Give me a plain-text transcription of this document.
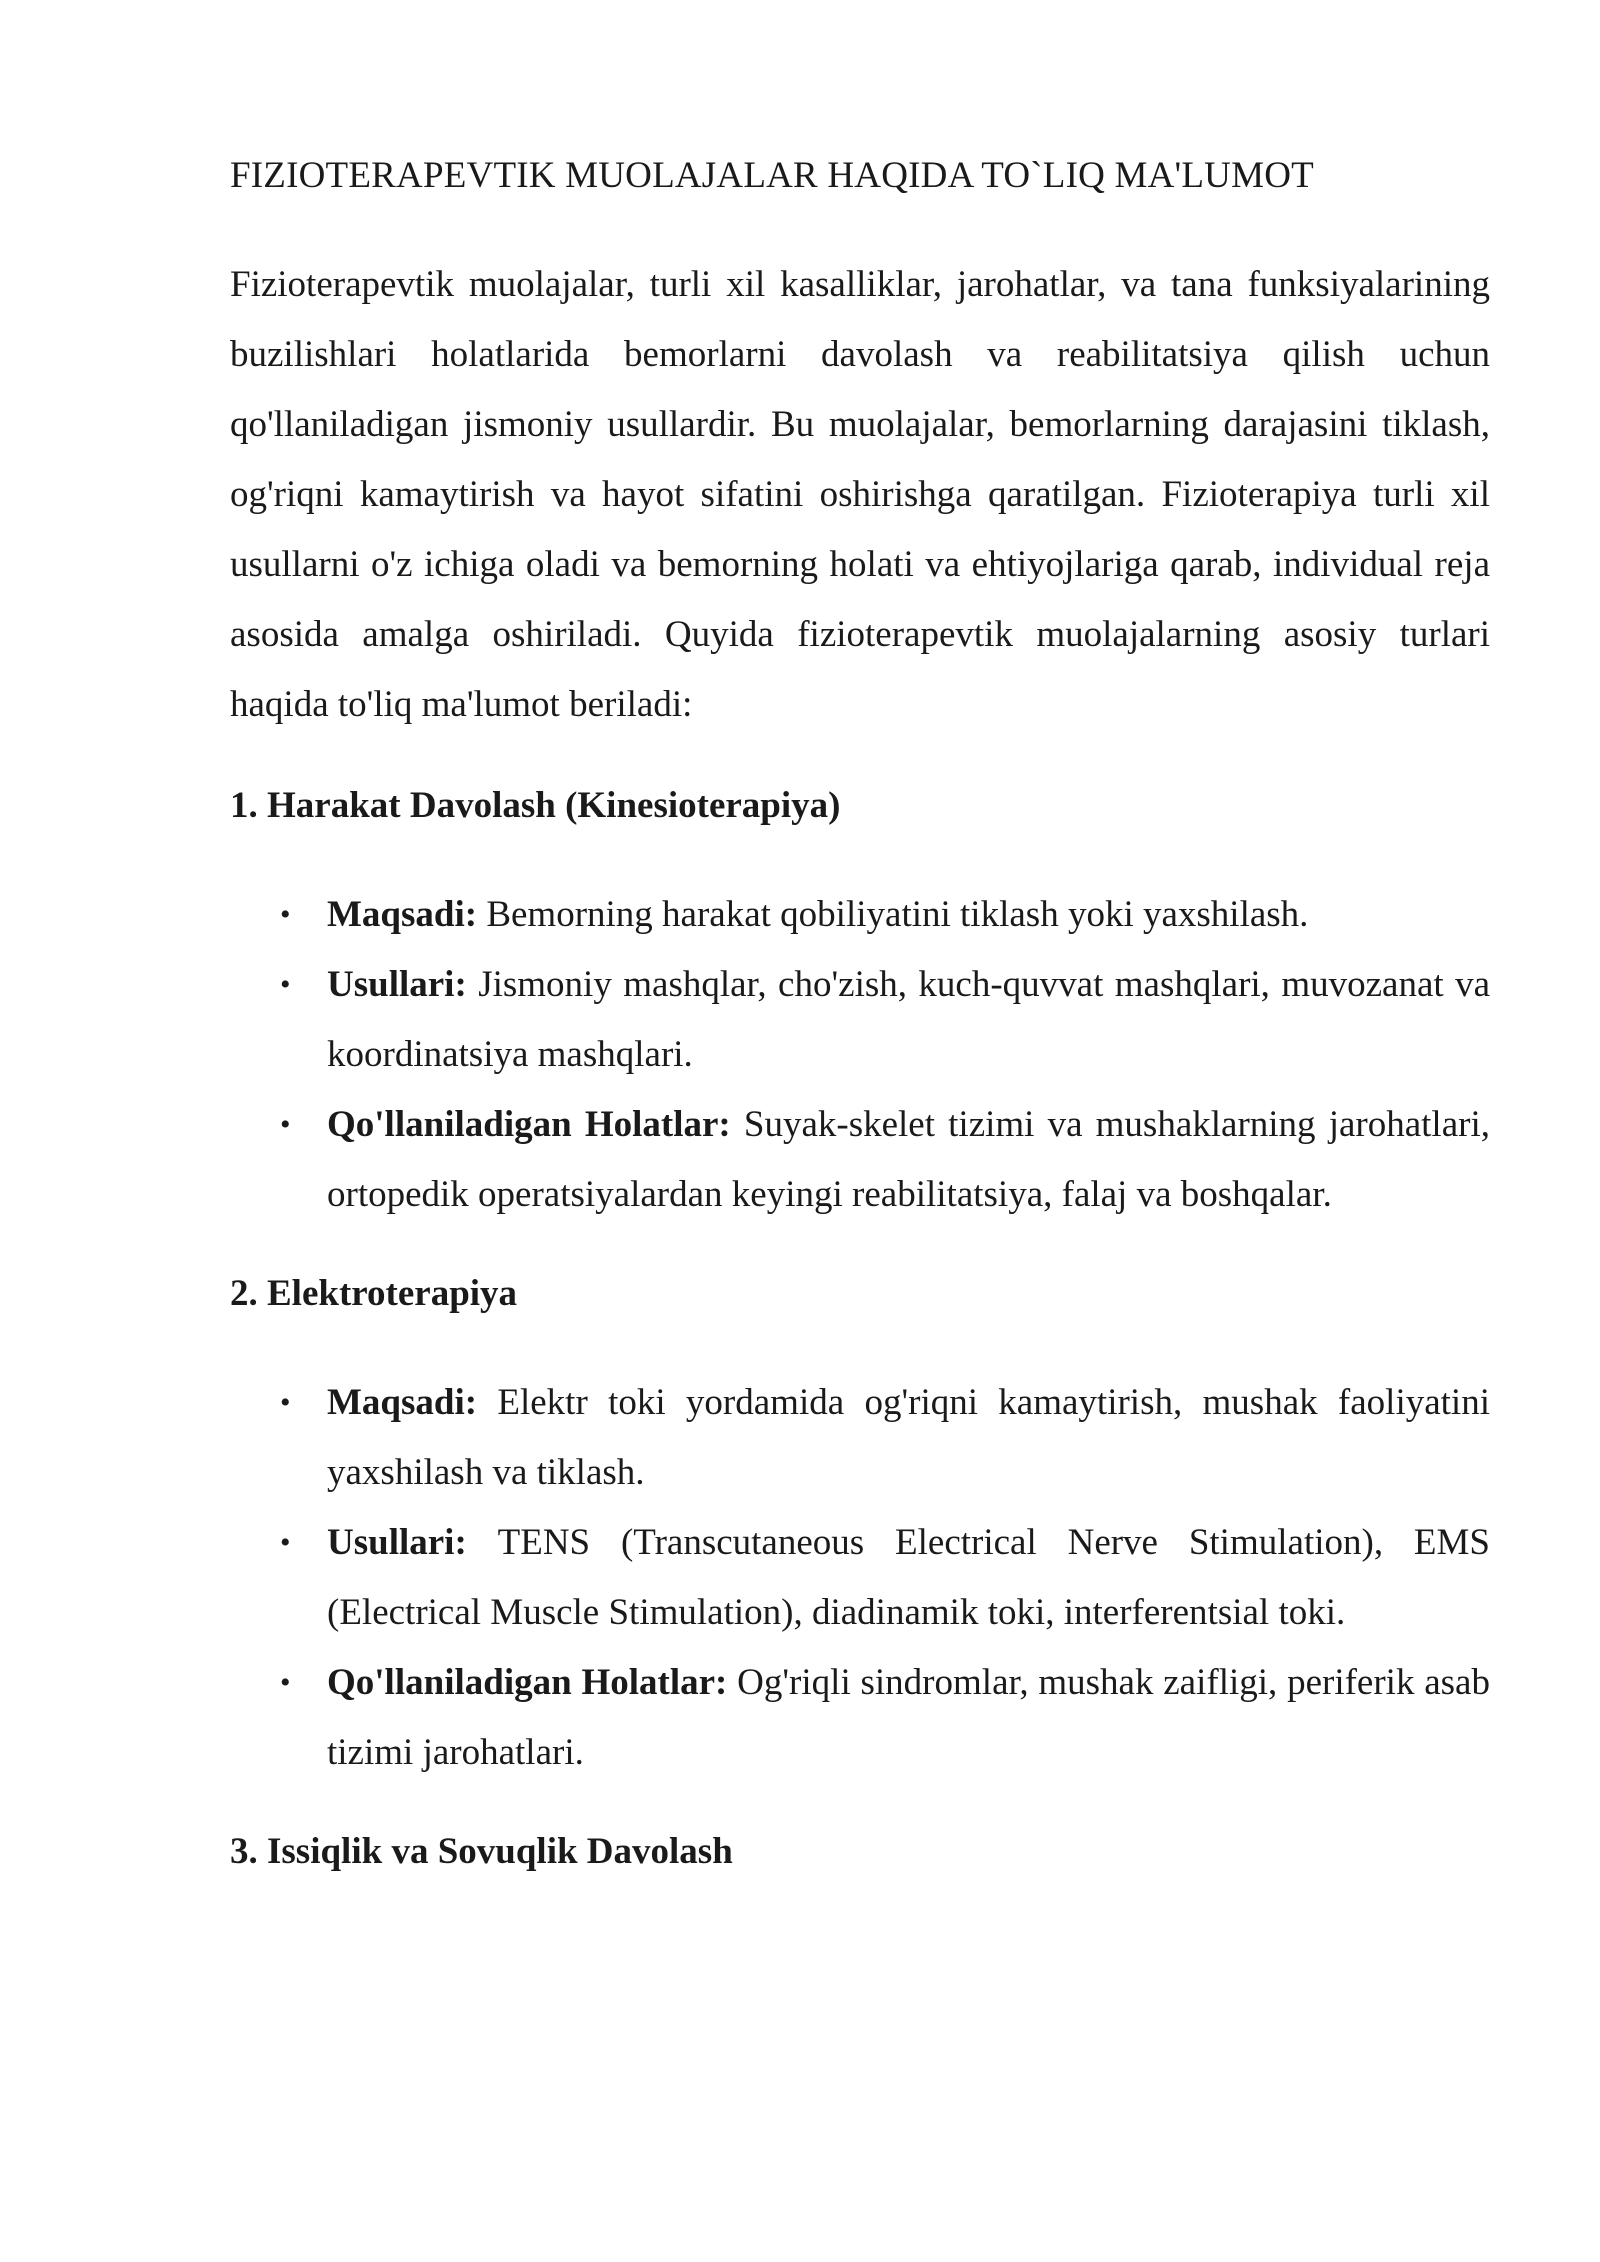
FIZIOTERAPEVTIK MUOLAJALAR HAQIDA TO`LIQ MA'LUMOT

Fizioterapevtik muolajalar, turli xil kasalliklar, jarohatlar, va tana funksiyalarining buzilishlari holatlarida bemorlarni davolash va reabilitatsiya qilish uchun qo'llaniladigan jismoniy usullardir. Bu muolajalar, bemorlarning darajasini tiklash, og'riqni kamaytirish va hayot sifatini oshirishga qaratilgan. Fizioterapiya turli xil usullarni o'z ichiga oladi va bemorning holati va ehtiyojlariga qarab, individual reja asosida amalga oshiriladi. Quyida fizioterapevtik muolajalarning asosiy turlari haqida to'liq ma'lumot beriladi:

1. Harakat Davolash (Kinesioterapiya)
• Maqsadi: Bemorning harakat qobiliyatini tiklash yoki yaxshilash.
• Usullari: Jismoniy mashqlar, cho'zish, kuch-quvvat mashqlari, muvozanat va koordinatsiya mashqlari.
• Qo'llaniladigan Holatlar: Suyak-skelet tizimi va mushaklarning jarohatlari, ortopedik operatsiyalardan keyingi reabilitatsiya, falaj va boshqalar.
2. Elektroterapiya
• Maqsadi: Elektr toki yordamida og'riqni kamaytirish, mushak faoliyatini yaxshilash va tiklash.
• Usullari: TENS (Transcutaneous Electrical Nerve Stimulation), EMS (Electrical Muscle Stimulation), diadinamik toki, interferentsial toki.
• Qo'llaniladigan Holatlar: Og'riqli sindromlar, mushak zaifligi, periferik asab tizimi jarohatlari.
3. Issiqlik va Sovuqlik Davolash
